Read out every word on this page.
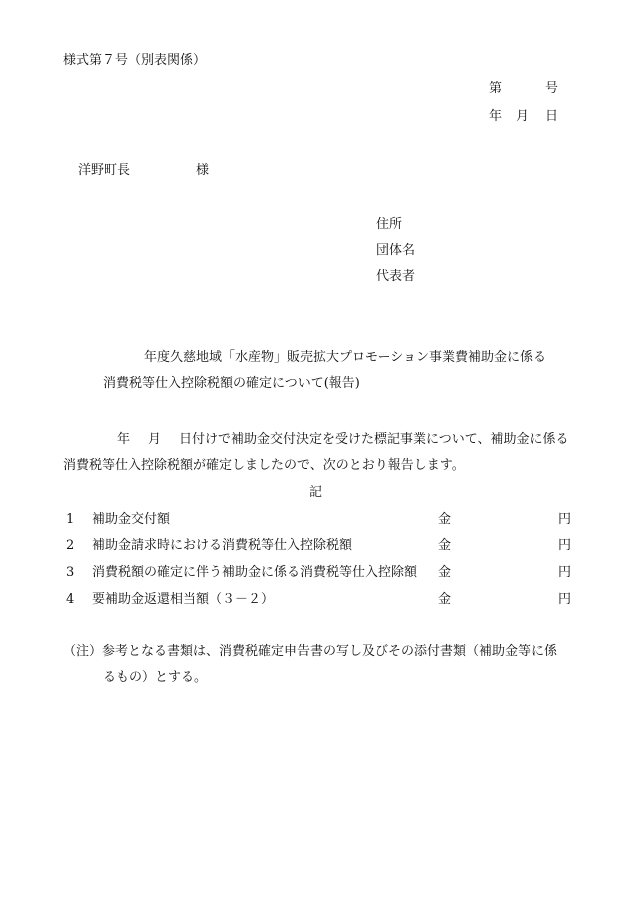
様式第７号（別表関係）
第	号
年 月 日
洋野町長	様
住所
団体名
代表者
年度久慈地域「水産物」販売拡大プロモーション事業費補助金に係る
消費税等仕入控除税額の確定について(報告)
年 月 日付けで補助金交付決定を受けた標記事業について、補助金に係る
消費税等仕入控除税額が確定しましたので、次のとおり報告します。
記
1 補助金交付額	金	円
2 補助金請求時における消費税等仕入控除税額	金	円
3 消費税額の確定に伴う補助金に係る消費税等仕入控除額 金	円
4 要補助金返還相当額（３－２）	金	円
（注）参考となる書類は、消費税確定申告書の写し及びその添付書類（補助金等に係
るもの）とする。
